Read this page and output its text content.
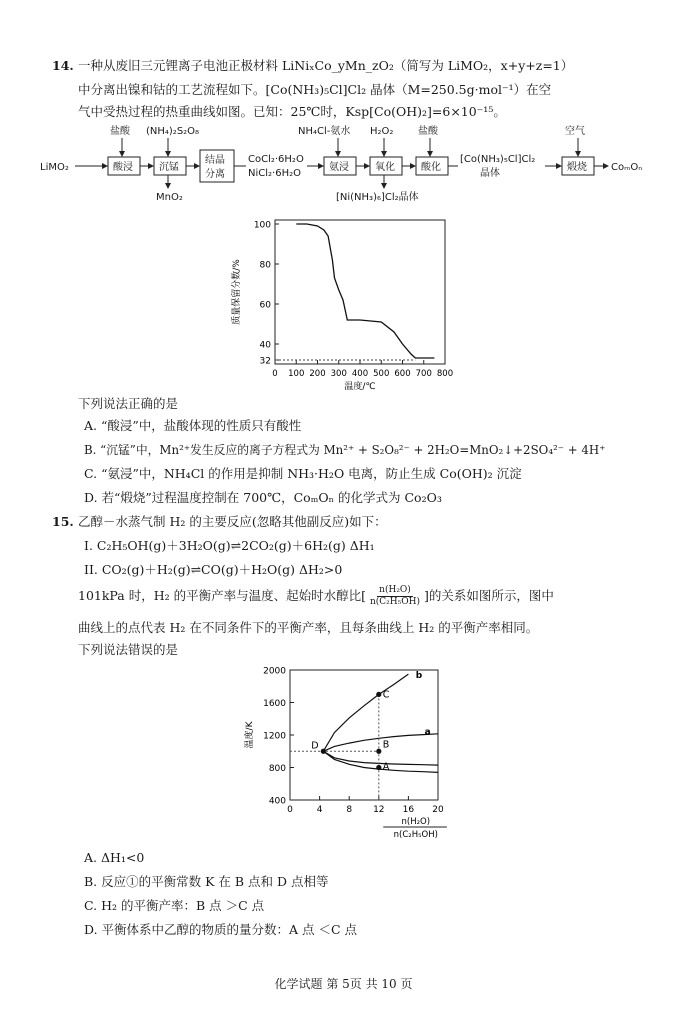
14. 一种从废旧三元锂离子电池正极材料 LiNiₓCo_yMn_zO₂（简写为 LiMO₂，x+y+z=1）
中分离出镍和钴的工艺流程如下。[Co(NH₃)₅Cl]Cl₂ 晶体（M=250.5g·mol⁻¹）在空
气中受热过程的热重曲线如图。已知：25℃时，Ksp[Co(OH)₂]=6×10⁻¹⁵。
LiMO₂
盐酸
酸浸
(NH₄)₂S₂O₈
沉锰
MnO₂
结晶
分离
CoCl₂·6H₂O
NiCl₂·6H₂O
NH₄Cl-氨水
氨浸
H₂O₂
氧化
[Ni(NH₃)₆]Cl₂晶体
盐酸
酸化
[Co(NH₃)₅Cl]Cl₂
晶体
空气
煅烧 CoₘOₙ
100
80
60
40
32
0 100 200 300 400 500 600 700 800
温度/℃
质量保留分数/%
下列说法正确的是
A. “酸浸”中，盐酸体现的性质只有酸性
B. “沉锰”中，Mn²⁺发生反应的离子方程式为 Mn²⁺ + S₂O₈²⁻ + 2H₂O=MnO₂↓+2SO₄²⁻ + 4H⁺
C. “氨浸”中，NH₄Cl 的作用是抑制 NH₃·H₂O 电离，防止生成 Co(OH)₂ 沉淀
D. 若“煅烧”过程温度控制在 700℃，CoₘOₙ 的化学式为 Co₂O₃
15. 乙醇－水蒸气制 H₂ 的主要反应(忽略其他副反应)如下：
I. C₂H₅OH(g)＋3H₂O(g)⇌2CO₂(g)＋6H₂(g) ΔH₁
II. CO₂(g)＋H₂(g)⇌CO(g)＋H₂O(g) ΔH₂>0
101kPa 时，H₂ 的平衡产率与温度、起始时水醇比[ $\frac{\text{n(H₂O)}}{\text{n(C₂H₅OH)}}$ ]的关系如图所示，图中
曲线上的点代表 H₂ 在不同条件下的平衡产率，且每条曲线上 H₂ 的平衡产率相同。
下列说法错误的是
400
800
1200
1600
2000
0	4	8 12 16 20
a
b
A
B
C
D
温度/K
n(H₂O)
n(C₂H₅OH)
A. ΔH₁<0
B. 反应①的平衡常数 K 在 B 点和 D 点相等
C. H₂ 的平衡产率：B 点 ＞C 点
D. 平衡体系中乙醇的物质的量分数：A 点 ＜C 点
化学试题 第 5页 共 10 页
